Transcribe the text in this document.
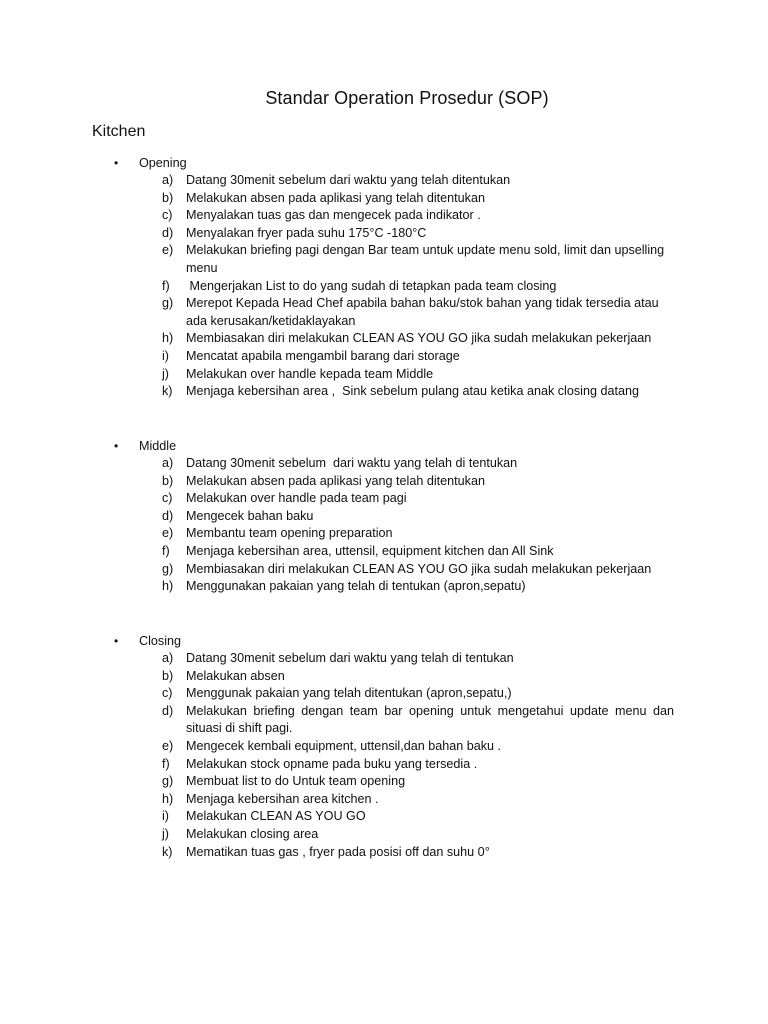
Standar Operation Prosedur (SOP)
Kitchen
• Opening
a) Datang 30menit sebelum dari waktu yang telah ditentukan
b) Melakukan absen pada aplikasi yang telah ditentukan
c) Menyalakan tuas gas dan mengecek pada indikator .
d) Menyalakan fryer pada suhu 175°C -180°C
e) Melakukan briefing pagi dengan Bar team untuk update menu sold, limit dan upselling menu
f) Mengerjakan List to do yang sudah di tetapkan pada team closing
g) Merepot Kepada Head Chef apabila bahan baku/stok bahan yang tidak tersedia atau ada kerusakan/ketidaklayakan
h) Membiasakan diri melakukan CLEAN AS YOU GO jika sudah melakukan pekerjaan
i) Mencatat apabila mengambil barang dari storage
j) Melakukan over handle kepada team Middle
k) Menjaga kebersihan area ,  Sink sebelum pulang atau ketika anak closing datang
• Middle
a) Datang 30menit sebelum  dari waktu yang telah di tentukan
b) Melakukan absen pada aplikasi yang telah ditentukan
c) Melakukan over handle pada team pagi
d) Mengecek bahan baku
e) Membantu team opening preparation
f) Menjaga kebersihan area, uttensil, equipment kitchen dan All Sink
g) Membiasakan diri melakukan CLEAN AS YOU GO jika sudah melakukan pekerjaan
h) Menggunakan pakaian yang telah di tentukan (apron,sepatu)
• Closing
a) Datang 30menit sebelum dari waktu yang telah di tentukan
b) Melakukan absen
c) Menggunak pakaian yang telah ditentukan (apron,sepatu,)
d) Melakukan briefing dengan team bar opening untuk mengetahui update menu dan situasi di shift pagi.
e) Mengecek kembali equipment, uttensil,dan bahan baku .
f) Melakukan stock opname pada buku yang tersedia .
g) Membuat list to do Untuk team opening
h) Menjaga kebersihan area kitchen .
i) Melakukan CLEAN AS YOU GO
j) Melakukan closing area
k) Mematikan tuas gas , fryer pada posisi off dan suhu 0°
